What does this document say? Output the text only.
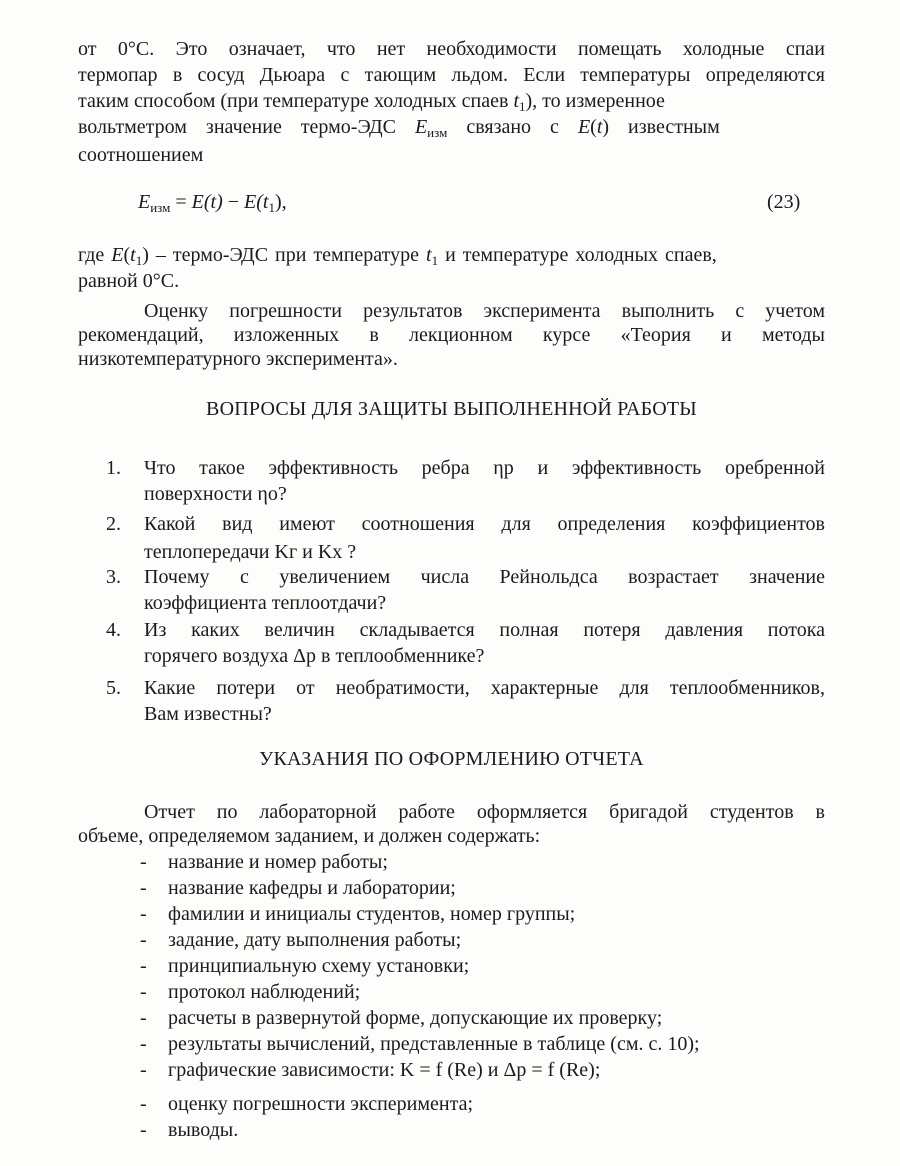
от 0°С. Это означает, что нет необходимости помещать холодные спаи
термопар в сосуд Дьюара с тающим льдом. Если температуры определяются
таким способом (при температуре холодных спаев $t_1$), то измеренное
вольтметром значение термо-ЭДС $E_{изм}$ связано с E(t) известным
соотношением
$E_{изм} = E(t) - E(t_1)$,	(23)
где $E(t_1)$ – термо-ЭДС при температуре $t_1$ и температуре холодных спаев,
равной 0°С.
Оценку погрешности результатов эксперимента выполнить с учетом
рекомендаций, изложенных в лекционном курсе «Теория и методы
низкотемпературного эксперимента».
ВОПРОСЫ ДЛЯ ЗАЩИТЫ ВЫПОЛНЕННОЙ РАБОТЫ
1. Что такое эффективность ребра ηр и эффективность оребренной
поверхности ηо?
2. Какой вид имеют соотношения для определения коэффициентов
теплопередачи Kг и Kх ?
3. Почему с увеличением числа Рейнольдса возрастает значение
коэффициента теплоотдачи?
4. Из каких величин складывается полная потеря давления потока
горячего воздуха Δp в теплообменнике?
5. Какие потери от необратимости, характерные для теплообменников,
Вам известны?
УКАЗАНИЯ ПО ОФОРМЛЕНИЮ ОТЧЕТА
Отчет по лабораторной работе оформляется бригадой студентов в
объеме, определяемом заданием, и должен содержать:
- название и номер работы;
- название кафедры и лаборатории;
- фамилии и инициалы студентов, номер группы;
- задание, дату выполнения работы;
- принципиальную схему установки;
- протокол наблюдений;
- расчеты в развернутой форме, допускающие их проверку;
- результаты вычислений, представленные в таблице (см. с. 10);
- графические зависимости: K = f (Re) и Δp = f (Re);
- оценку погрешности эксперимента;
- выводы.
